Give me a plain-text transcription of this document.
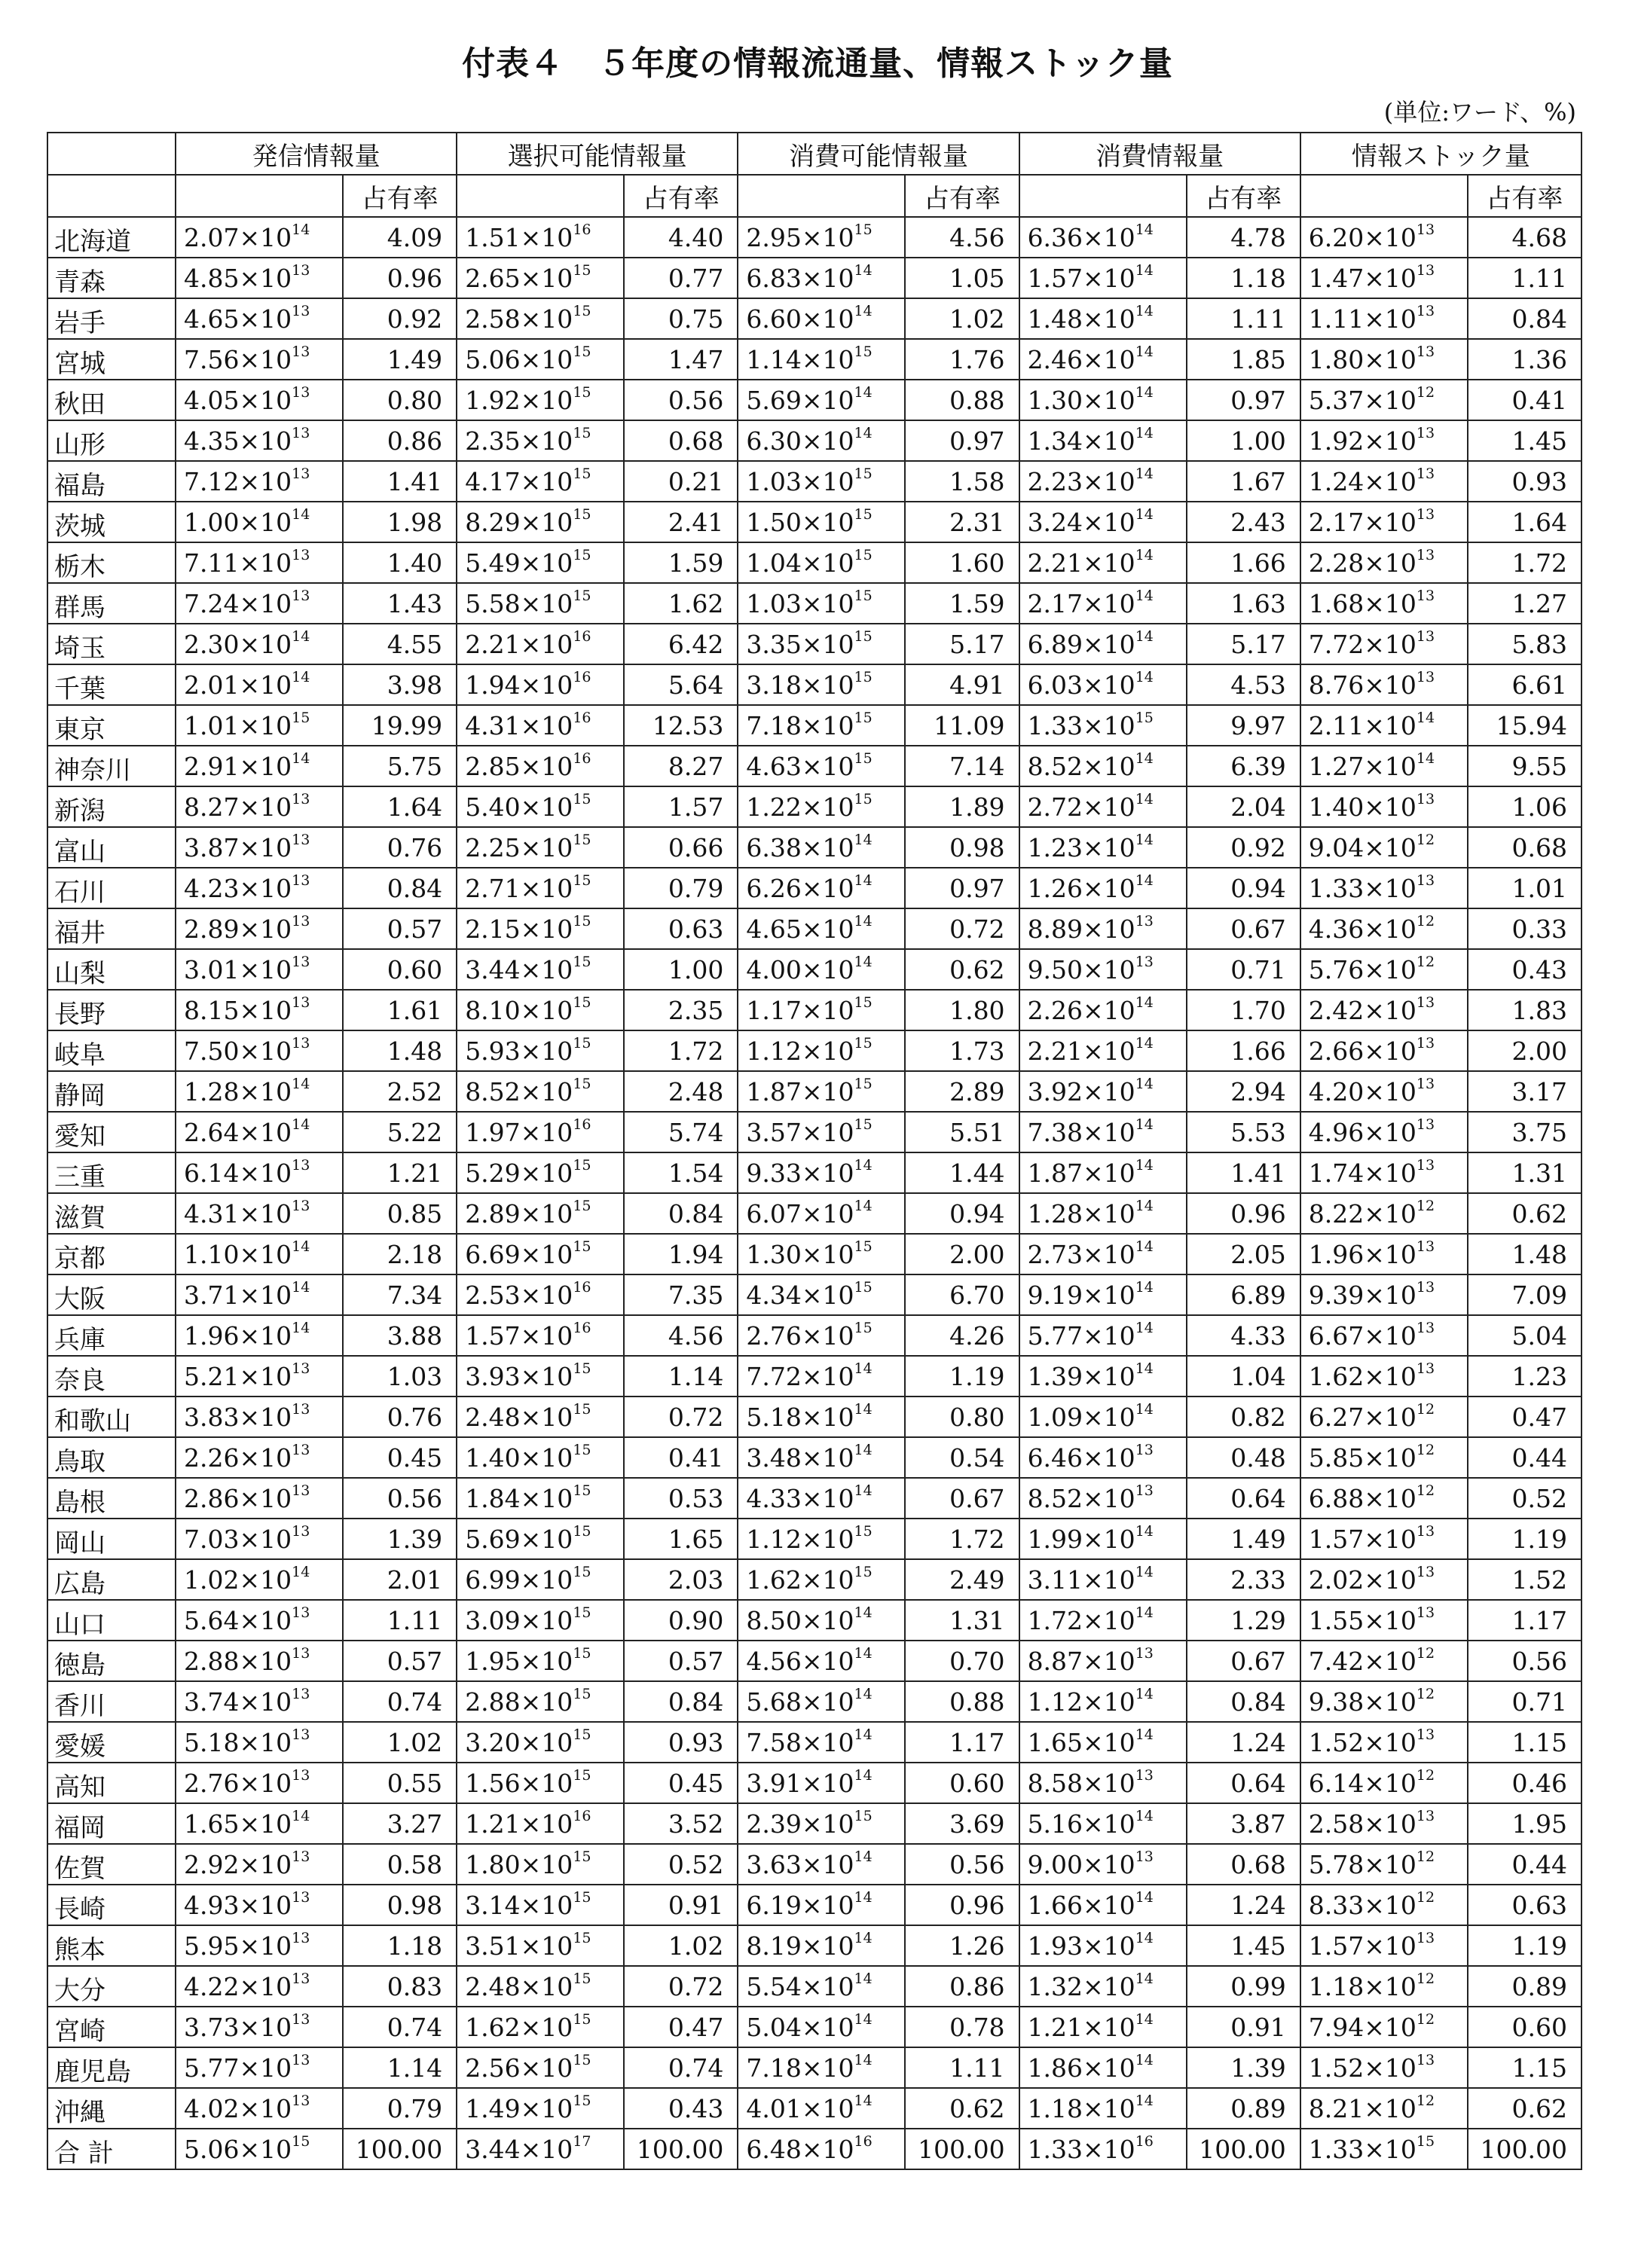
付表４　５年度の情報流通量、情報ストック量
(単位:ワード、%)
	発信情報量		選択可能情報量		消費可能情報量		消費情報量		情報ストック量	
		占有率		占有率		占有率		占有率		占有率
北海道	$2.07\times 10^{14}$	4.09	$1.51\times 10^{16}$	4.40	$2.95\times 10^{15}$	4.56	$6.36\times 10^{14}$	4.78	$6.20\times 10^{13}$	4.68
青森	$4.85\times 10^{13}$	0.96	$2.65\times 10^{15}$	0.77	$6.83\times 10^{14}$	1.05	$1.57\times 10^{14}$	1.18	$1.47\times 10^{13}$	1.11
岩手	$4.65\times 10^{13}$	0.92	$2.58\times 10^{15}$	0.75	$6.60\times 10^{14}$	1.02	$1.48\times 10^{14}$	1.11	$1.11\times 10^{13}$	0.84
宮城	$7.56\times 10^{13}$	1.49	$5.06\times 10^{15}$	1.47	$1.14\times 10^{15}$	1.76	$2.46\times 10^{14}$	1.85	$1.80\times 10^{13}$	1.36
秋田	$4.05\times 10^{13}$	0.80	$1.92\times 10^{15}$	0.56	$5.69\times 10^{14}$	0.88	$1.30\times 10^{14}$	0.97	$5.37\times 10^{12}$	0.41
山形	$4.35\times 10^{13}$	0.86	$2.35\times 10^{15}$	0.68	$6.30\times 10^{14}$	0.97	$1.34\times 10^{14}$	1.00	$1.92\times 10^{13}$	1.45
福島	$7.12\times 10^{13}$	1.41	$4.17\times 10^{15}$	0.21	$1.03\times 10^{15}$	1.58	$2.23\times 10^{14}$	1.67	$1.24\times 10^{13}$	0.93
茨城	$1.00\times 10^{14}$	1.98	$8.29\times 10^{15}$	2.41	$1.50\times 10^{15}$	2.31	$3.24\times 10^{14}$	2.43	$2.17\times 10^{13}$	1.64
栃木	$7.11\times 10^{13}$	1.40	$5.49\times 10^{15}$	1.59	$1.04\times 10^{15}$	1.60	$2.21\times 10^{14}$	1.66	$2.28\times 10^{13}$	1.72
群馬	$7.24\times 10^{13}$	1.43	$5.58\times 10^{15}$	1.62	$1.03\times 10^{15}$	1.59	$2.17\times 10^{14}$	1.63	$1.68\times 10^{13}$	1.27
埼玉	$2.30\times 10^{14}$	4.55	$2.21\times 10^{16}$	6.42	$3.35\times 10^{15}$	5.17	$6.89\times 10^{14}$	5.17	$7.72\times 10^{13}$	5.83
千葉	$2.01\times 10^{14}$	3.98	$1.94\times 10^{16}$	5.64	$3.18\times 10^{15}$	4.91	$6.03\times 10^{14}$	4.53	$8.76\times 10^{13}$	6.61
東京	$1.01\times 10^{15}$	19.99	$4.31\times 10^{16}$	12.53	$7.18\times 10^{15}$	11.09	$1.33\times 10^{15}$	9.97	$2.11\times 10^{14}$	15.94
神奈川	$2.91\times 10^{14}$	5.75	$2.85\times 10^{16}$	8.27	$4.63\times 10^{15}$	7.14	$8.52\times 10^{14}$	6.39	$1.27\times 10^{14}$	9.55
新潟	$8.27\times 10^{13}$	1.64	$5.40\times 10^{15}$	1.57	$1.22\times 10^{15}$	1.89	$2.72\times 10^{14}$	2.04	$1.40\times 10^{13}$	1.06
富山	$3.87\times 10^{13}$	0.76	$2.25\times 10^{15}$	0.66	$6.38\times 10^{14}$	0.98	$1.23\times 10^{14}$	0.92	$9.04\times 10^{12}$	0.68
石川	$4.23\times 10^{13}$	0.84	$2.71\times 10^{15}$	0.79	$6.26\times 10^{14}$	0.97	$1.26\times 10^{14}$	0.94	$1.33\times 10^{13}$	1.01
福井	$2.89\times 10^{13}$	0.57	$2.15\times 10^{15}$	0.63	$4.65\times 10^{14}$	0.72	$8.89\times 10^{13}$	0.67	$4.36\times 10^{12}$	0.33
山梨	$3.01\times 10^{13}$	0.60	$3.44\times 10^{15}$	1.00	$4.00\times 10^{14}$	0.62	$9.50\times 10^{13}$	0.71	$5.76\times 10^{12}$	0.43
長野	$8.15\times 10^{13}$	1.61	$8.10\times 10^{15}$	2.35	$1.17\times 10^{15}$	1.80	$2.26\times 10^{14}$	1.70	$2.42\times 10^{13}$	1.83
岐阜	$7.50\times 10^{13}$	1.48	$5.93\times 10^{15}$	1.72	$1.12\times 10^{15}$	1.73	$2.21\times 10^{14}$	1.66	$2.66\times 10^{13}$	2.00
静岡	$1.28\times 10^{14}$	2.52	$8.52\times 10^{15}$	2.48	$1.87\times 10^{15}$	2.89	$3.92\times 10^{14}$	2.94	$4.20\times 10^{13}$	3.17
愛知	$2.64\times 10^{14}$	5.22	$1.97\times 10^{16}$	5.74	$3.57\times 10^{15}$	5.51	$7.38\times 10^{14}$	5.53	$4.96\times 10^{13}$	3.75
三重	$6.14\times 10^{13}$	1.21	$5.29\times 10^{15}$	1.54	$9.33\times 10^{14}$	1.44	$1.87\times 10^{14}$	1.41	$1.74\times 10^{13}$	1.31
滋賀	$4.31\times 10^{13}$	0.85	$2.89\times 10^{15}$	0.84	$6.07\times 10^{14}$	0.94	$1.28\times 10^{14}$	0.96	$8.22\times 10^{12}$	0.62
京都	$1.10\times 10^{14}$	2.18	$6.69\times 10^{15}$	1.94	$1.30\times 10^{15}$	2.00	$2.73\times 10^{14}$	2.05	$1.96\times 10^{13}$	1.48
大阪	$3.71\times 10^{14}$	7.34	$2.53\times 10^{16}$	7.35	$4.34\times 10^{15}$	6.70	$9.19\times 10^{14}$	6.89	$9.39\times 10^{13}$	7.09
兵庫	$1.96\times 10^{14}$	3.88	$1.57\times 10^{16}$	4.56	$2.76\times 10^{15}$	4.26	$5.77\times 10^{14}$	4.33	$6.67\times 10^{13}$	5.04
奈良	$5.21\times 10^{13}$	1.03	$3.93\times 10^{15}$	1.14	$7.72\times 10^{14}$	1.19	$1.39\times 10^{14}$	1.04	$1.62\times 10^{13}$	1.23
和歌山	$3.83\times 10^{13}$	0.76	$2.48\times 10^{15}$	0.72	$5.18\times 10^{14}$	0.80	$1.09\times 10^{14}$	0.82	$6.27\times 10^{12}$	0.47
鳥取	$2.26\times 10^{13}$	0.45	$1.40\times 10^{15}$	0.41	$3.48\times 10^{14}$	0.54	$6.46\times 10^{13}$	0.48	$5.85\times 10^{12}$	0.44
島根	$2.86\times 10^{13}$	0.56	$1.84\times 10^{15}$	0.53	$4.33\times 10^{14}$	0.67	$8.52\times 10^{13}$	0.64	$6.88\times 10^{12}$	0.52
岡山	$7.03\times 10^{13}$	1.39	$5.69\times 10^{15}$	1.65	$1.12\times 10^{15}$	1.72	$1.99\times 10^{14}$	1.49	$1.57\times 10^{13}$	1.19
広島	$1.02\times 10^{14}$	2.01	$6.99\times 10^{15}$	2.03	$1.62\times 10^{15}$	2.49	$3.11\times 10^{14}$	2.33	$2.02\times 10^{13}$	1.52
山口	$5.64\times 10^{13}$	1.11	$3.09\times 10^{15}$	0.90	$8.50\times 10^{14}$	1.31	$1.72\times 10^{14}$	1.29	$1.55\times 10^{13}$	1.17
徳島	$2.88\times 10^{13}$	0.57	$1.95\times 10^{15}$	0.57	$4.56\times 10^{14}$	0.70	$8.87\times 10^{13}$	0.67	$7.42\times 10^{12}$	0.56
香川	$3.74\times 10^{13}$	0.74	$2.88\times 10^{15}$	0.84	$5.68\times 10^{14}$	0.88	$1.12\times 10^{14}$	0.84	$9.38\times 10^{12}$	0.71
愛媛	$5.18\times 10^{13}$	1.02	$3.20\times 10^{15}$	0.93	$7.58\times 10^{14}$	1.17	$1.65\times 10^{14}$	1.24	$1.52\times 10^{13}$	1.15
高知	$2.76\times 10^{13}$	0.55	$1.56\times 10^{15}$	0.45	$3.91\times 10^{14}$	0.60	$8.58\times 10^{13}$	0.64	$6.14\times 10^{12}$	0.46
福岡	$1.65\times 10^{14}$	3.27	$1.21\times 10^{16}$	3.52	$2.39\times 10^{15}$	3.69	$5.16\times 10^{14}$	3.87	$2.58\times 10^{13}$	1.95
佐賀	$2.92\times 10^{13}$	0.58	$1.80\times 10^{15}$	0.52	$3.63\times 10^{14}$	0.56	$9.00\times 10^{13}$	0.68	$5.78\times 10^{12}$	0.44
長崎	$4.93\times 10^{13}$	0.98	$3.14\times 10^{15}$	0.91	$6.19\times 10^{14}$	0.96	$1.66\times 10^{14}$	1.24	$8.33\times 10^{12}$	0.63
熊本	$5.95\times 10^{13}$	1.18	$3.51\times 10^{15}$	1.02	$8.19\times 10^{14}$	1.26	$1.93\times 10^{14}$	1.45	$1.57\times 10^{13}$	1.19
大分	$4.22\times 10^{13}$	0.83	$2.48\times 10^{15}$	0.72	$5.54\times 10^{14}$	0.86	$1.32\times 10^{14}$	0.99	$1.18\times 10^{12}$	0.89
宮崎	$3.73\times 10^{13}$	0.74	$1.62\times 10^{15}$	0.47	$5.04\times 10^{14}$	0.78	$1.21\times 10^{14}$	0.91	$7.94\times 10^{12}$	0.60
鹿児島	$5.77\times 10^{13}$	1.14	$2.56\times 10^{15}$	0.74	$7.18\times 10^{14}$	1.11	$1.86\times 10^{14}$	1.39	$1.52\times 10^{13}$	1.15
沖縄	$4.02\times 10^{13}$	0.79	$1.49\times 10^{15}$	0.43	$4.01\times 10^{14}$	0.62	$1.18\times 10^{14}$	0.89	$8.21\times 10^{12}$	0.62
合 計	$5.06\times 10^{15}$	100.00	$3.44\times 10^{17}$	100.00	$6.48\times 10^{16}$	100.00	$1.33\times 10^{16}$	100.00	$1.33\times 10^{15}$	100.00
